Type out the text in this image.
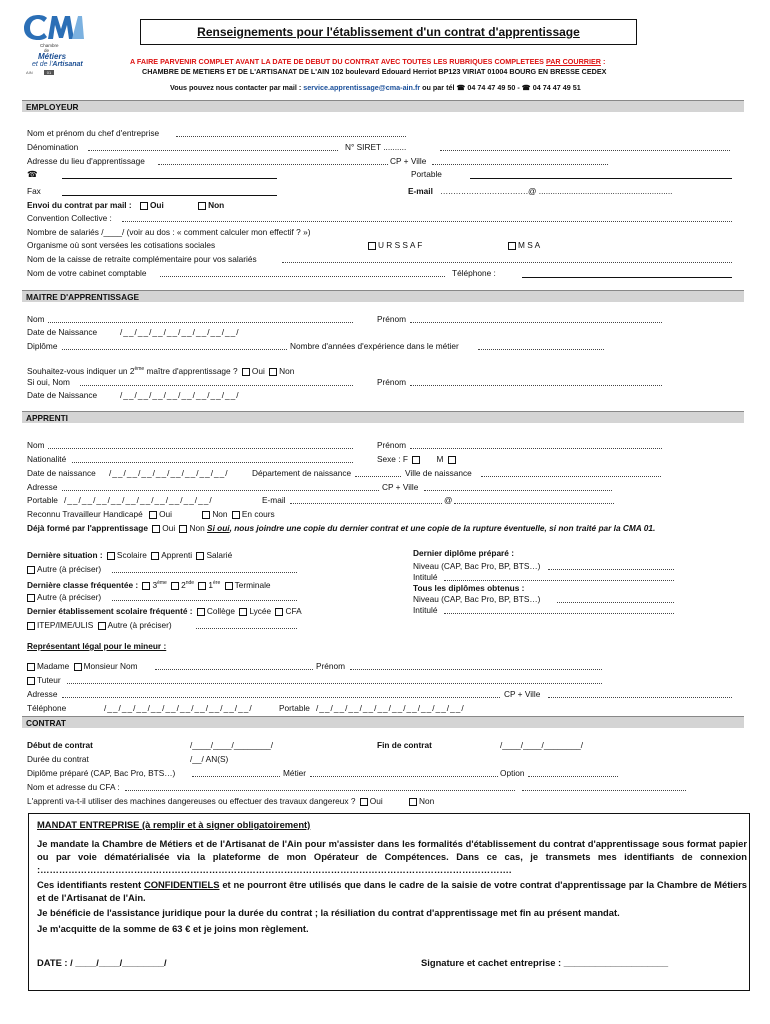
Chambre
de
Métiers
et de l'Artisanat
AIN	01
Renseignements pour l'établissement d'un contrat d'apprentissage
A FAIRE PARVENIR COMPLET AVANT LA DATE DE DEBUT DU CONTRAT AVEC TOUTES LES RUBRIQUES COMPLETEES PAR COURRIER :
CHAMBRE DE METIERS ET DE L'ARTISANAT DE L'AIN 102 boulevard Edouard Herriot BP123 VIRIAT 01004 BOURG EN BRESSE CEDEX
Vous pouvez nous contacter par mail : service.apprentissage@cma-ain.fr ou par tél ☎ 04 74 47 49 50 - ☎ 04 74 47 49 51
EMPLOYEUR
Nom et prénom du chef d'entreprise
Dénomination	N° SIRET ..........
Adresse du lieu d'apprentissage	CP + Ville
☎	Portable
Fax	E-mail …..…..…..…..…..…..….@ ..........................................................
Envoi du contrat par mail : Oui	Non
Convention Collective :
Nombre de salariés /____/ (voir au dos : « comment calculer mon effectif ? »)
Organisme où sont versées les cotisations sociales	U R S S A F	M S A
Nom de la caisse de retraite complémentaire pour vos salariés
Nom de votre cabinet comptable	Téléphone :
MAITRE D'APPRENTISSAGE
Nom	Prénom
Date de Naissance	/__/__/__/__/__/__/__/__/
Diplôme	Nombre d'années d'expérience dans le métier
Souhaitez-vous indiquer un 2ème maître d'apprentissage ? Oui Non
Si oui, Nom	Prénom
Date de Naissance	/__/__/__/__/__/__/__/__/
APPRENTI
Nom	Prénom
Nationalité	Sexe : F	M
Date de naissance /__/__/__/__/__/__/__/__/	Département de naissance	Ville de naissance
Adresse	CP + Ville
Portable /__/__/__/__/__/__/__/__/__/__/	E-mail	@
Reconnu Travailleur Handicapé Oui	Non En cours
Déjà formé par l'apprentissage Oui Non Si oui, nous joindre une copie du dernier contrat et une copie de la rupture éventuelle, si non traité par la CMA 01.
Dernière situation : Scolaire Apprenti Salarié
Autre (à préciser)
Dernière classe fréquentée : 3ème 2nde 1ère Terminale
Autre (à préciser)
Dernier établissement scolaire fréquenté : Collège Lycée CFA
ITEP/IME/ULIS Autre (à préciser)
Dernier diplôme préparé :
Niveau (CAP, Bac Pro, BP, BTS…)
Intitulé
Tous les diplômes obtenus :
Niveau (CAP, Bac Pro, BP, BTS…)
Intitulé
Représentant légal pour le mineur :
Madame Monsieur Nom	Prénom
Tuteur
Adresse	CP + Ville
Téléphone	/__/__/__/__/__/__/__/__/__/__/	Portable /__/__/__/__/__/__/__/__/__/__/
CONTRAT
Début de contrat	/____/____/________/	Fin de contrat	/____/____/________/
Durée du contrat	/__/ AN(S)
Diplôme préparé (CAP, Bac Pro, BTS…)	Métier	Option
Nom et adresse du CFA :
L'apprenti va-t-il utiliser des machines dangereuses ou effectuer des travaux dangereux ? Oui	Non
MANDAT ENTREPRISE (à remplir et à signer obligatoirement)
Je mandate la Chambre de Métiers et de l'Artisanat de l'Ain pour m'assister dans les formalités d'établissement du contrat d'apprentissage sous format papier ou par voie dématérialisée via la plateforme de mon Opérateur de Compétences. Dans ce cas, je transmets mes identifiants de connexion :…………………………………………………………………………………………………………………………………….
Ces identifiants restent CONFIDENTIELS et ne pourront être utilisés que dans le cadre de la saisie de votre contrat d'apprentissage par la Chambre de Métiers et de l'Artisanat de l'Ain.
Je bénéficie de l'assistance juridique pour la durée du contrat ; la résiliation du contrat d'apprentissage met fin au présent mandat.
Je m'acquitte de la somme de 63 € et je joins mon règlement.
DATE : / ____/____/________/	Signature et cachet entreprise : ____________________
